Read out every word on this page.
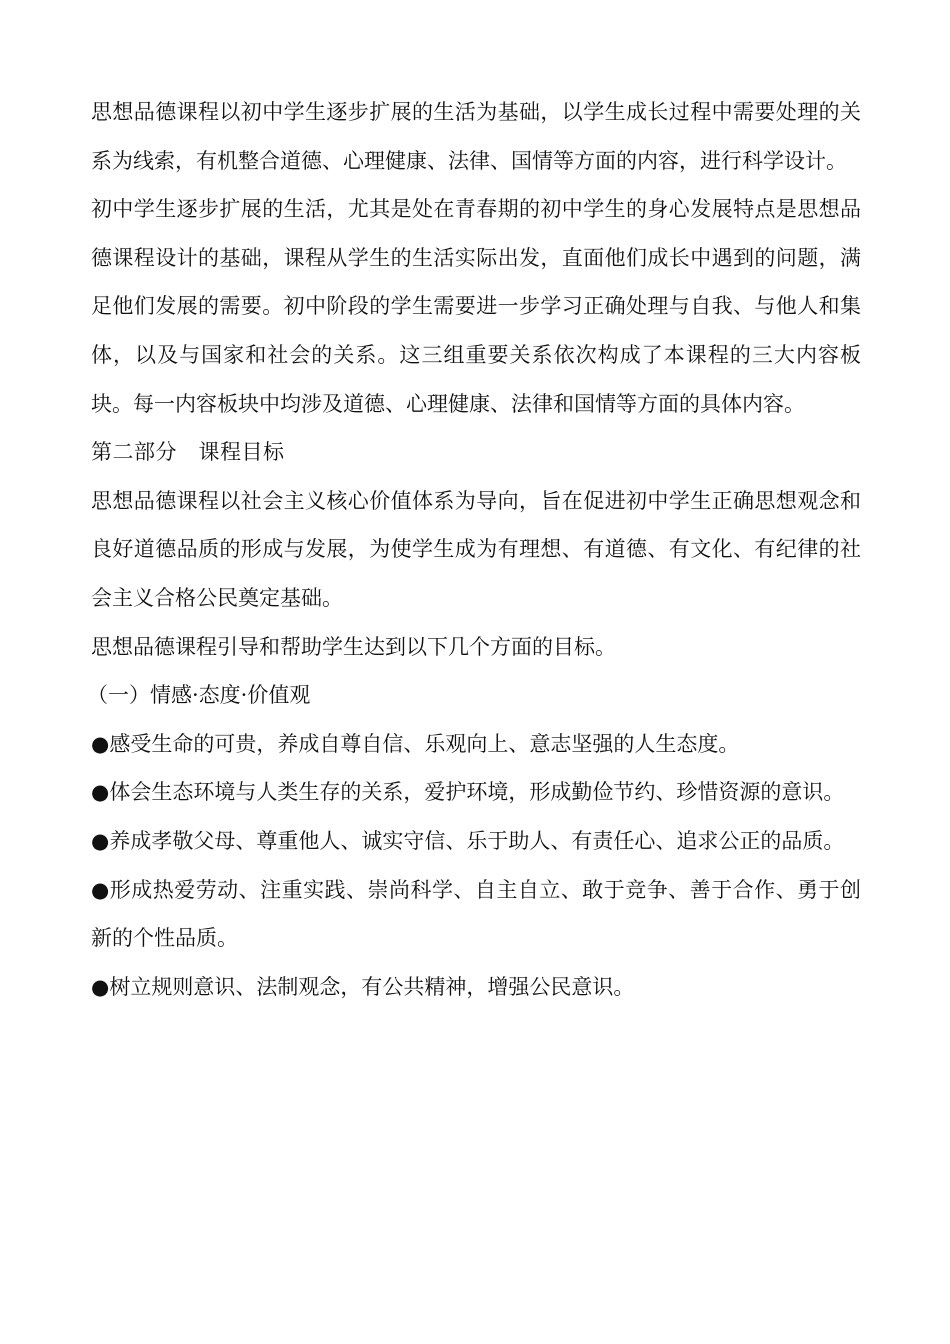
思想品德课程以初中学生逐步扩展的生活为基础，以学生成长过程中需要处理的关系为线索，有机整合道德、心理健康、法律、国情等方面的内容，进行科学设计。

初中学生逐步扩展的生活，尤其是处在青春期的初中学生的身心发展特点是思想品德课程设计的基础，课程从学生的生活实际出发，直面他们成长中遇到的问题，满足他们发展的需要。初中阶段的学生需要进一步学习正确处理与自我、与他人和集体，以及与国家和社会的关系。这三组重要关系依次构成了本课程的三大内容板块。每一内容板块中均涉及道德、心理健康、法律和国情等方面的具体内容。

第二部分　课程目标

思想品德课程以社会主义核心价值体系为导向，旨在促进初中学生正确思想观念和良好道德品质的形成与发展，为使学生成为有理想、有道德、有文化、有纪律的社会主义合格公民奠定基础。

思想品德课程引导和帮助学生达到以下几个方面的目标。

（一）情感·态度·价值观

●感受生命的可贵，养成自尊自信、乐观向上、意志坚强的人生态度。

●体会生态环境与人类生存的关系，爱护环境，形成勤俭节约、珍惜资源的意识。

●养成孝敬父母、尊重他人、诚实守信、乐于助人、有责任心、追求公正的品质。

●形成热爱劳动、注重实践、崇尚科学、自主自立、敢于竞争、善于合作、勇于创新的个性品质。

●树立规则意识、法制观念，有公共精神，增强公民意识。
